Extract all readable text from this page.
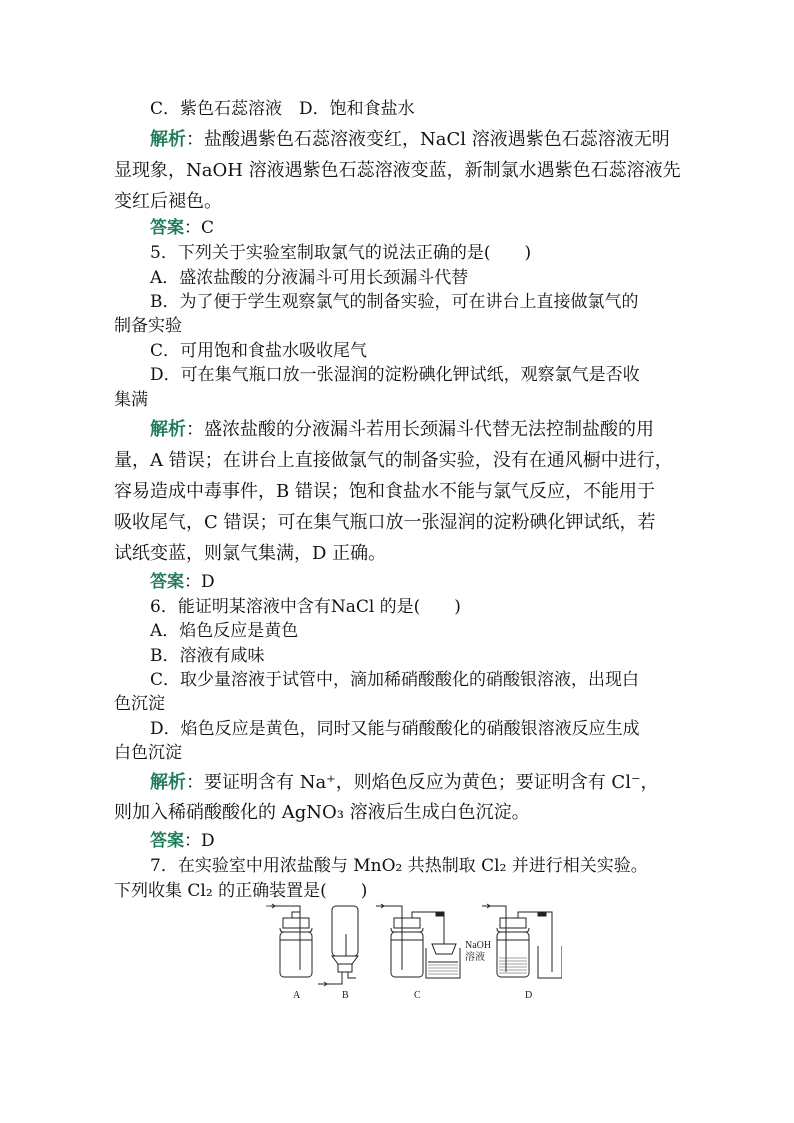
C．紫色石蕊溶液　D．饱和食盐水
解析：盐酸遇紫色石蕊溶液变红，NaCl 溶液遇紫色石蕊溶液无明
显现象，NaOH 溶液遇紫色石蕊溶液变蓝，新制氯水遇紫色石蕊溶液先
变红后褪色。
答案：C
5．下列关于实验室制取氯气的说法正确的是(　　)
A．盛浓盐酸的分液漏斗可用长颈漏斗代替
B．为了便于学生观察氯气的制备实验，可在讲台上直接做氯气的
制备实验
C．可用饱和食盐水吸收尾气
D．可在集气瓶口放一张湿润的淀粉碘化钾试纸，观察氯气是否收
集满
解析：盛浓盐酸的分液漏斗若用长颈漏斗代替无法控制盐酸的用
量，A 错误；在讲台上直接做氯气的制备实验，没有在通风橱中进行，
容易造成中毒事件，B 错误；饱和食盐水不能与氯气反应，不能用于
吸收尾气，C 错误；可在集气瓶口放一张湿润的淀粉碘化钾试纸，若
试纸变蓝，则氯气集满，D 正确。
答案：D
6．能证明某溶液中含有NaCl 的是(　　)
A．焰色反应是黄色
B．溶液有咸味
C．取少量溶液于试管中，滴加稀硝酸酸化的硝酸银溶液，出现白
色沉淀
D．焰色反应是黄色，同时又能与硝酸酸化的硝酸银溶液反应生成
白色沉淀
解析：要证明含有 Na⁺，则焰色反应为黄色；要证明含有 Cl⁻，
则加入稀硝酸酸化的 AgNO₃ 溶液后生成白色沉淀。
答案：D
7．在实验室中用浓盐酸与 MnO₂ 共热制取 Cl₂ 并进行相关实验。
下列收集 Cl₂ 的正确装置是(　　)
NaOH
溶液
A	B	C	D
